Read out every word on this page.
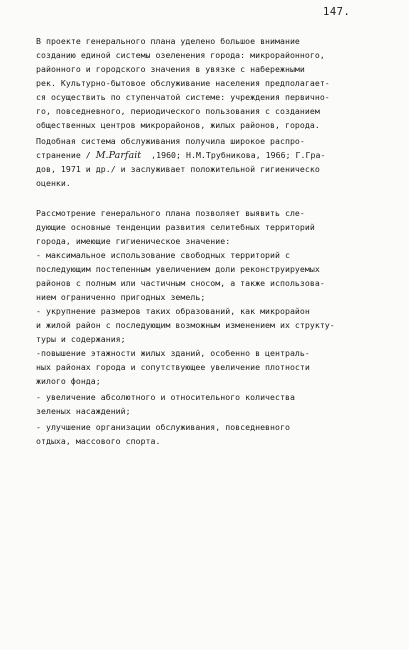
147.
В проекте генерального плана уделено большое внимание
созданию единой системы озеленения города: микрорайонного,
районного и городского значения в увязке с набережными
рек. Культурно-бытовое обслуживание населения предполагает-
ся осуществить по ступенчатой системе: учреждения первично-
го, повседневного, периодического пользования с созданием
общественных центров микрорайонов, жилых районов, города.
Подобная система обслуживания получила широкое распро-
странение / M.Parfait ,1960; Н.М.Трубникова, 1966; Г.Гра-
дов, 1971 и др./ и заслуживает положительной гигиеническо
оценки.
Рассмотрение генерального плана позволяет выявить сле-
дующие основные тенденции развития селитебных территорий
города, имеющие гигиеническое значение:
- максимальное использование свободных территорий с
последующим постепенным увеличением доли реконструируемых
районов с полным или частичным сносом, а также использова-
нием ограниченно пригодных земель;
- укрупнение размеров таких образований, как микрорайон
и жилой район с последующим возможным изменением их структу-
туры и содержания;
-повышение этажности жилых зданий, особенно в централь-
ных районах города и сопутствующее увеличение плотности
жилого фонда;
- увеличение абсолютного и относительного количества
зеленых насаждений;
- улучшение организации обслуживания, повседневного
отдыха, массового спорта.
